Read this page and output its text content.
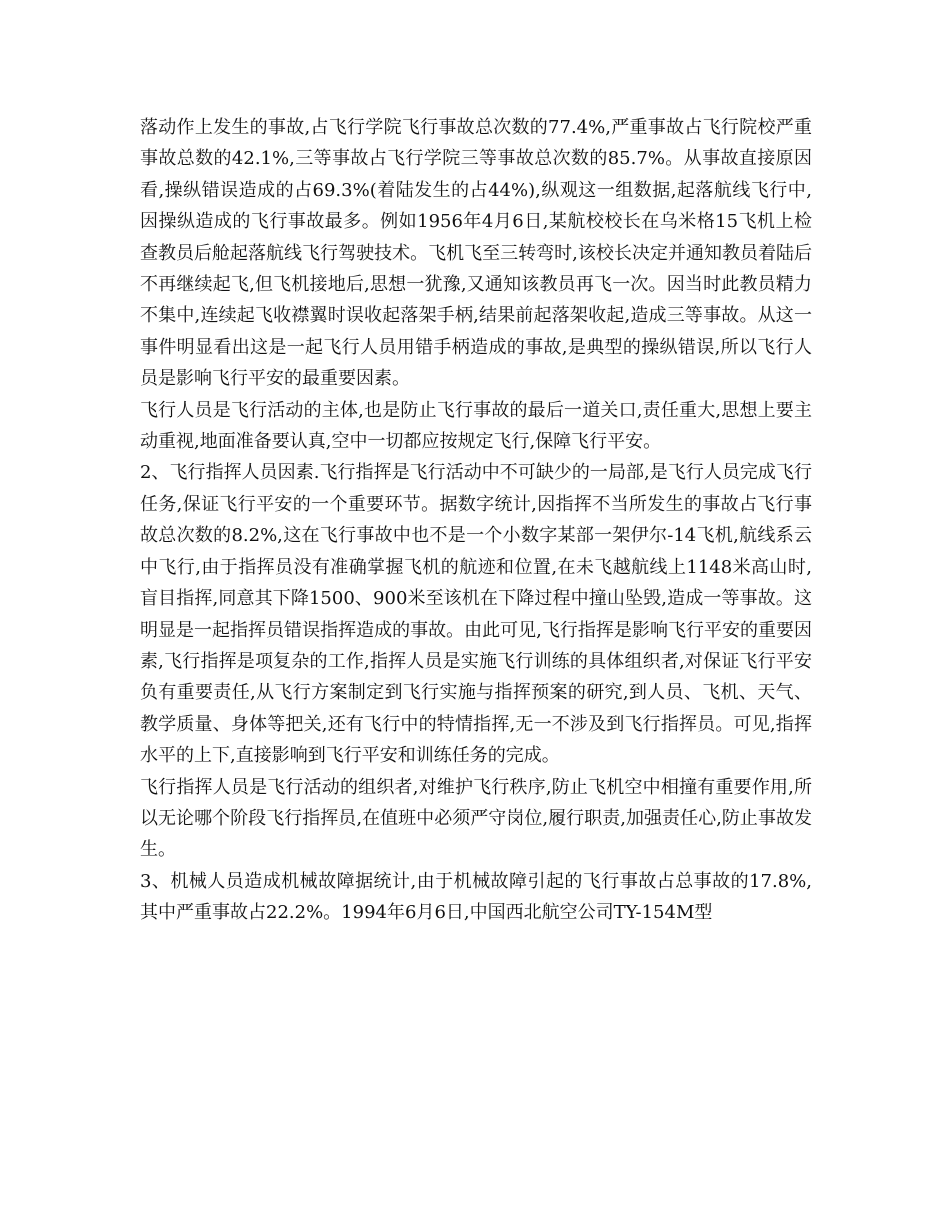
落动作上发生的事故,占飞行学院飞行事故总次数的77.4%,严重事故占飞行院校严重事故总数的42.1%,三等事故占飞行学院三等事故总次数的85.7%。从事故直接原因看,操纵错误造成的占69.3%(着陆发生的占44%),纵观这一组数据,起落航线飞行中,因操纵造成的飞行事故最多。例如1956年4月6日,某航校校长在乌米格15飞机上检查教员后舱起落航线飞行驾驶技术。飞机飞至三转弯时,该校长决定并通知教员着陆后不再继续起飞,但飞机接地后,思想一犹豫,又通知该教员再飞一次。因当时此教员精力不集中,连续起飞收襟翼时误收起落架手柄,结果前起落架收起,造成三等事故。从这一事件明显看出这是一起飞行人员用错手柄造成的事故,是典型的操纵错误,所以飞行人员是影响飞行平安的最重要因素。

飞行人员是飞行活动的主体,也是防止飞行事故的最后一道关口,责任重大,思想上要主动重视,地面准备要认真,空中一切都应按规定飞行,保障飞行平安。

2、飞行指挥人员因素.飞行指挥是飞行活动中不可缺少的一局部,是飞行人员完成飞行任务,保证飞行平安的一个重要环节。据数字统计,因指挥不当所发生的事故占飞行事故总次数的8.2%,这在飞行事故中也不是一个小数字某部一架伊尔-14飞机,航线系云中飞行,由于指挥员没有准确掌握飞机的航迹和位置,在未飞越航线上1148米高山时,盲目指挥,同意其下降1500、900米至该机在下降过程中撞山坠毁,造成一等事故。这明显是一起指挥员错误指挥造成的事故。由此可见,飞行指挥是影响飞行平安的重要因素,飞行指挥是项复杂的工作,指挥人员是实施飞行训练的具体组织者,对保证飞行平安负有重要责任,从飞行方案制定到飞行实施与指挥预案的研究,到人员、飞机、天气、教学质量、身体等把关,还有飞行中的特情指挥,无一不涉及到飞行指挥员。可见,指挥水平的上下,直接影响到飞行平安和训练任务的完成。

飞行指挥人员是飞行活动的组织者,对维护飞行秩序,防止飞机空中相撞有重要作用,所以无论哪个阶段飞行指挥员,在值班中必须严守岗位,履行职责,加强责任心,防止事故发生。

3、机械人员造成机械故障据统计,由于机械故障引起的飞行事故占总事故的17.8%,其中严重事故占22.2%。1994年6月6日,中国西北航空公司TY-154M型
